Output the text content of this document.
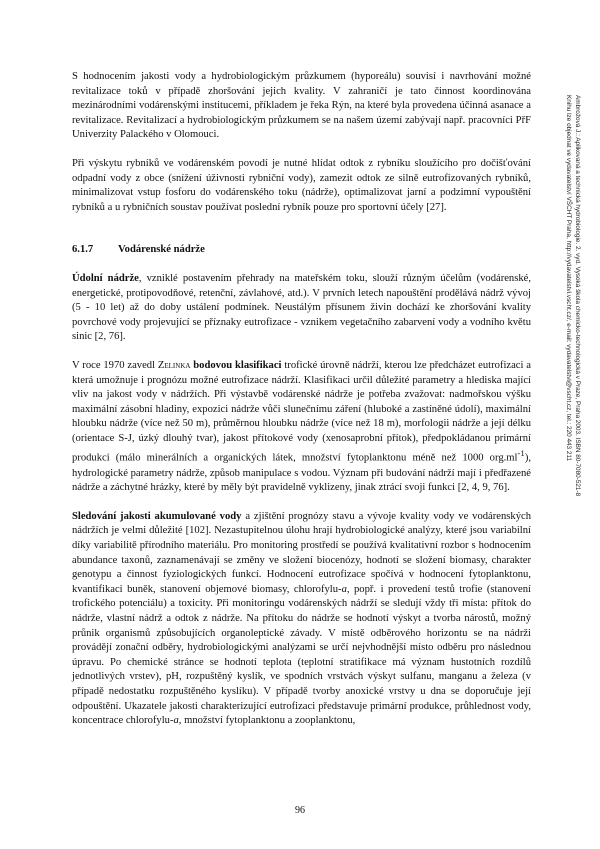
S hodnocením jakosti vody a hydrobiologickým průzkumem (hyporeálu) souvisí i navrhování možné revitalizace toků v případě zhoršování jejich kvality. V zahraničí je tato činnost koordinována mezinárodními vodárenskými institucemi, příkladem je řeka Rýn, na které byla provedena účinná asanace a revitalizace. Revitalizací a hydrobiologickým průzkumem se na našem území zabývají např. pracovníci PřF Univerzity Palackého v Olomouci.

Při výskytu rybníků ve vodárenském povodí je nutné hlídat odtok z rybníku sloužícího pro dočišťování odpadní vody z obce (snížení úživnosti rybniční vody), zamezit odtok ze silně eutrofizovaných rybníků, minimalizovat vstup fosforu do vodárenského toku (nádrže), optimalizovat jarní a podzimní vypouštění rybníků a u rybničních soustav používat poslední rybník pouze pro sportovní účely [27].

6.1.7 Vodárenské nádrže

Údolní nádrže, vzniklé postavením přehrady na mateřském toku, slouží různým účelům (vodárenské, energetické, protipovodňové, retenční, závlahové, atd.). V prvních letech napouštění prodělává nádrž vývoj (5 - 10 let) až do doby ustálení podmínek. Neustálým přísunem živin dochází ke zhoršování kvality povrchové vody projevující se příznaky eutrofizace - vznikem vegetačního zabarvení vody a vodního květu sinic [2, 76].

V roce 1970 zavedl Zelinka bodovou klasifikaci trofické úrovně nádrží, kterou lze předcházet eutrofizaci a která umožnuje i prognózu možné eutrofizace nádrží. Klasifikaci určil důležité parametry a hlediska mající vliv na jakost vody v nádržích. Při výstavbě vodárenské nádrže je potřeba zvažovat: nadmořskou výšku maximální zásobní hladiny, expozici nádrže vůči slunečnímu záření (hluboké a zastíněné údolí), maximální hloubku nádrže (více než 50 m), průměrnou hloubku nádrže (více než 18 m), morfologii nádrže a její délku (orientace S-J, úzký dlouhý tvar), jakost přítokové vody (xenosaprobní přítok), předpokládanou primární produkci (málo minerálních a organických látek, množství fytoplanktonu méně než 1000 $org.ml^{-1}$), hydrologické parametry nádrže, způsob manipulace s vodou. Význam při budování nádrží mají i předřazené nádrže a záchytné hrázky, které by měly být pravidelně vyklizeny, jinak ztrácí svoji funkci [2, 4, 9, 76].

Sledování jakosti akumulované vody a zjištění prognózy stavu a vývoje kvality vody ve vodárenských nádržích je velmi důležité [102]. Nezastupitelnou úlohu hrají hydrobiologické analýzy, které jsou variabilní díky variabilitě přírodního materiálu. Pro monitoring prostředí se používá kvalitativní rozbor s hodnocením abundance taxonů, zaznamenávají se změny ve složení biocenózy, hodnotí se složení biomasy, charakter genotypu a činnost fyziologických funkcí. Hodnocení eutrofizace spočívá v hodnocení fytoplanktonu, kvantifikaci buněk, stanovení objemové biomasy, chlorofylu-a, popř. i provedení testů trofie (stanovení trofického potenciálu) a toxicity. Při monitoringu vodárenských nádrží se sledují vždy tři místa: přítok do nádrže, vlastní nádrž a odtok z nádrže. Na přítoku do nádrže se hodnotí výskyt a tvorba nárostů, možný průnik organismů způsobujících organoleptické závady. V místě odběrového horizontu se na nádrži provádějí zonační odběry, hydrobiologickými analýzami se určí nejvhodnější místo odběru pro následnou úpravu. Po chemické stránce se hodnotí teplota (teplotní stratifikace má význam hustotních rozdílů jednotlivých vrstev), pH, rozpuštěný kyslík, ve spodních vrstvách výskyt sulfanu, manganu a železa (v případě nedostatku rozpuštěného kyslíku). V případě tvorby anoxické vrstvy u dna se doporučuje její odpouštění. Ukazatele jakosti charakterizující eutrofizaci představuje primární produkce, průhlednost vody, koncentrace chlorofylu-a, množství fytoplanktonu a zooplanktonu,

96
Ambrožová J.: Aplikovaná a technická hydrobiologie. 2. vyd. Vysoká škola chemicko-technologická v Praze, Praha 2003. ISBN 80-7080-521-8
Knihu lze objednat ve vydavatelství VŠCHT Praha, http://vydavatelstvi.vscht.cz/, e-mail: vydavatelstvi@vscht.cz, tel.: 220 443 211
